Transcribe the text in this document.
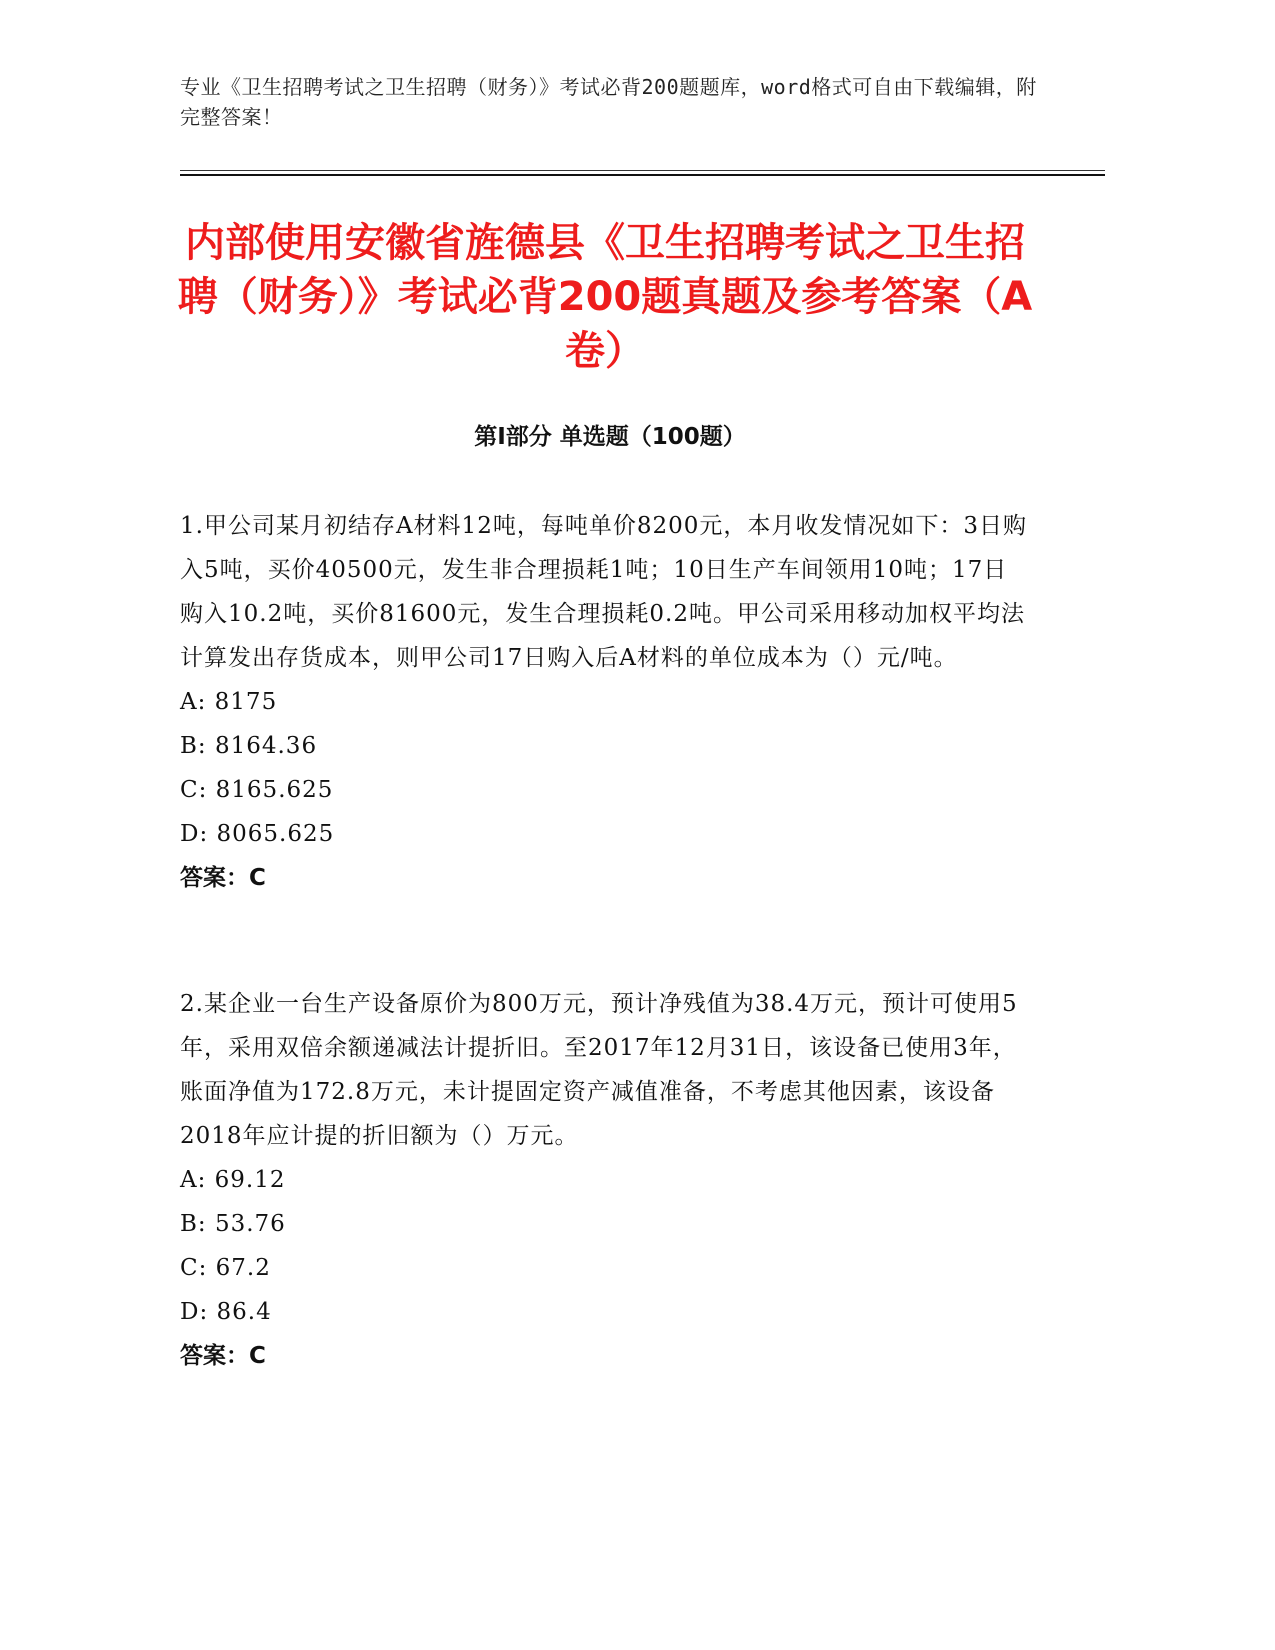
专业《卫生招聘考试之卫生招聘（财务）》考试必背200题题库，word格式可自由下载编辑，附完整答案！
内部使用安徽省旌德县《卫生招聘考试之卫生招聘（财务）》考试必背200题真题及参考答案（A卷）
第Ⅰ部分 单选题（100题）
1.甲公司某月初结存A材料12吨，每吨单价8200元，本月收发情况如下：3日购入5吨，买价40500元，发生非合理损耗1吨；10日生产车间领用10吨；17日购入10.2吨，买价81600元，发生合理损耗0.2吨。甲公司采用移动加权平均法计算发出存货成本，则甲公司17日购入后A材料的单位成本为（）元/吨。
A: 8175
B: 8164.36
C: 8165.625
D: 8065.625
答案：C
2.某企业一台生产设备原价为800万元，预计净残值为38.4万元，预计可使用5年，采用双倍余额递减法计提折旧。至2017年12月31日，该设备已使用3年，账面净值为172.8万元，未计提固定资产减值准备，不考虑其他因素，该设备2018年应计提的折旧额为（）万元。
A: 69.12
B: 53.76
C: 67.2
D: 86.4
答案：C
